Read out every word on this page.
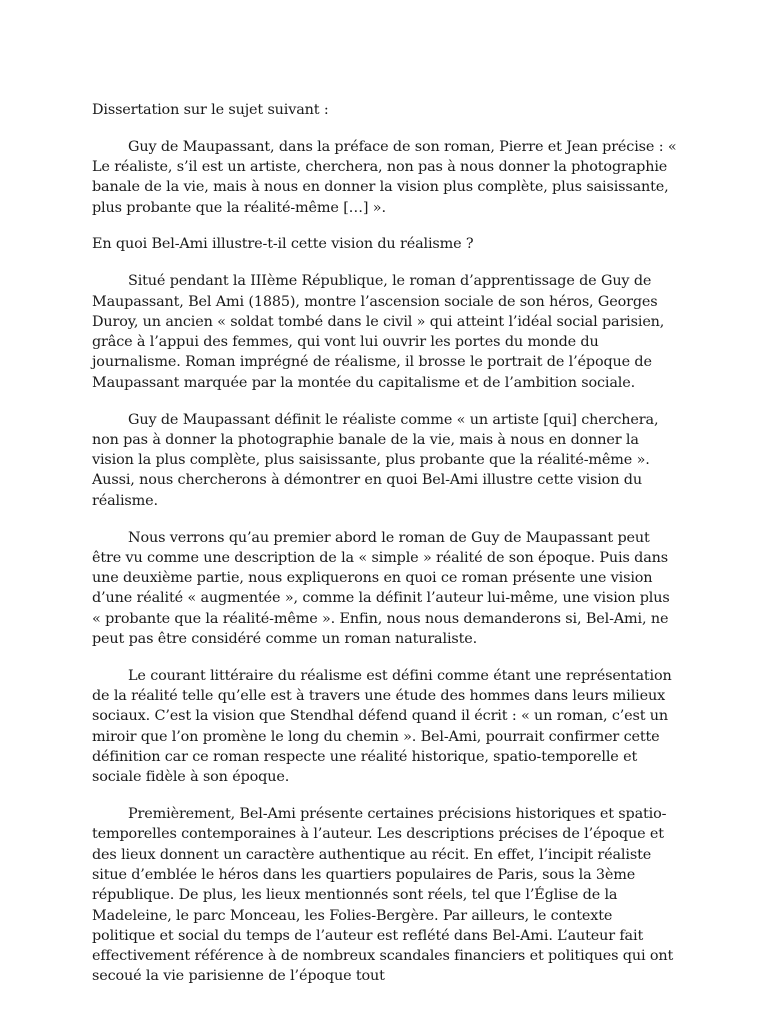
Dissertation sur le sujet suivant :

Guy de Maupassant, dans la préface de son roman, Pierre et Jean précise : « Le réaliste, s’il est un artiste, cherchera, non pas à nous donner la photographie banale de la vie, mais à nous en donner la vision plus complète, plus saisissante, plus probante que la réalité-même […] ».

En quoi Bel-Ami illustre-t-il cette vision du réalisme ?

Situé pendant la IIIème République, le roman d’apprentissage de Guy de Maupassant, Bel Ami (1885), montre l’ascension sociale de son héros, Georges Duroy, un ancien « soldat tombé dans le civil » qui atteint l’idéal social parisien, grâce à l’appui des femmes, qui vont lui ouvrir les portes du monde du journalisme. Roman imprégné de réalisme, il brosse le portrait de l’époque de Maupassant marquée par la montée du capitalisme et de l’ambition sociale.

Guy de Maupassant définit le réaliste comme « un artiste [qui] cherchera, non pas à donner la photographie banale de la vie, mais à nous en donner la vision la plus complète, plus saisissante, plus probante que la réalité-même ». Aussi, nous chercherons à démontrer en quoi Bel-Ami illustre cette vision du réalisme.

Nous verrons qu’au premier abord le roman de Guy de Maupassant peut être vu comme une description de la « simple » réalité de son époque. Puis dans une deuxième partie, nous expliquerons en quoi ce roman présente une vision d’une réalité « augmentée », comme la définit l’auteur lui-même, une vision plus « probante que la réalité-même ». Enfin, nous nous demanderons si, Bel-Ami, ne peut pas être considéré comme un roman naturaliste.

Le courant littéraire du réalisme est défini comme étant une représentation de la réalité telle qu’elle est à travers une étude des hommes dans leurs milieux sociaux. C’est la vision que Stendhal défend quand il écrit : « un roman, c’est un miroir que l’on promène le long du chemin ». Bel-Ami, pourrait confirmer cette définition car ce roman respecte une réalité historique, spatio-temporelle et sociale fidèle à son époque.

Premièrement, Bel-Ami présente certaines précisions historiques et spatio-temporelles contemporaines à l’auteur. Les descriptions précises de l’époque et des lieux donnent un caractère authentique au récit. En effet, l’incipit réaliste situe d’emblée le héros dans les quartiers populaires de Paris, sous la 3ème république. De plus, les lieux mentionnés sont réels, tel que l’Église de la Madeleine, le parc Monceau, les Folies-Bergère. Par ailleurs, le contexte politique et social du temps de l’auteur est reflété dans Bel-Ami. L’auteur fait effectivement référence à de nombreux scandales financiers et politiques qui ont secoué la vie parisienne de l’époque tout
